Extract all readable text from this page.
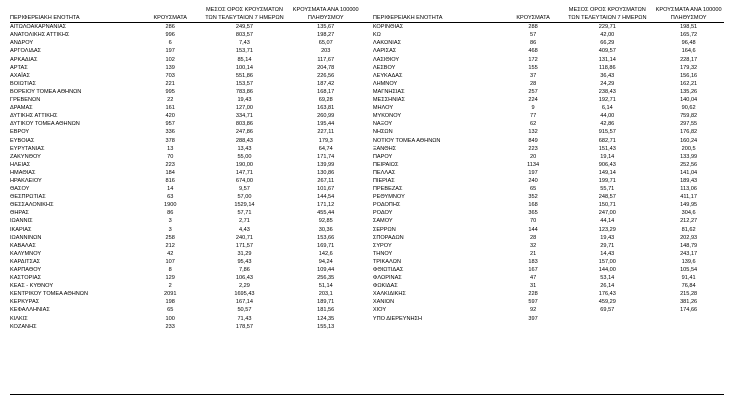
ΠΕΡΙΦΕΡΕΙΑΚΗ ΕΝΟΤΗΤΑ	ΚΡΟΥΣΜΑΤΑ	ΜΕΣΟΣ ΟΡΟΣ ΚΡΟΥΣΜΑΤΩΝ
ΤΩΝ ΤΕΛΕΥΤΑΙΩΝ 7 ΗΜΕΡΩΝ	ΚΡΟΥΣΜΑΤΑ ΑΝΑ 100000
ΠΛΗΘΥΣΜΟΥ		ΠΕΡΙΦΕΡΕΙΑΚΗ ΕΝΟΤΗΤΑ	ΚΡΟΥΣΜΑΤΑ	ΜΕΣΟΣ ΟΡΟΣ ΚΡΟΥΣΜΑΤΩΝ
ΤΩΝ ΤΕΛΕΥΤΑΙΩΝ 7 ΗΜΕΡΩΝ	ΚΡΟΥΣΜΑΤΑ ΑΝΑ 100000
ΠΛΗΘΥΣΜΟΥ

ΑΙΤΩΛΟΑΚΑΡΝΑΝΙΑΣ	286	249,57	135,67		ΚΟΡΙΝΘΙΑΣ	288	229,71	198,51
ΑΝΑΤΟΛΙΚΗΣ ΑΤΤΙΚΗΣ	996	803,57	198,27		ΚΩ	57	42,00	165,72
ΑΝΔΡΟΥ	6	7,43	65,07		ΛΑΚΩΝΙΑΣ	86	66,29	96,48
ΑΡΓΟΛΙΔΑΣ	197	153,71	203		ΛΑΡΙΣΑΣ	468	409,57	164,6
ΑΡΚΑΔΙΑΣ	102	85,14	117,67		ΛΑΣΙΘΙΟΥ	172	131,14	228,17
ΑΡΤΑΣ	139	100,14	204,78		ΛΕΣΒΟΥ	155	118,86	179,32
ΑΧΑΪΑΣ	703	551,86	226,56		ΛΕΥΚΑΔΑΣ	37	36,43	156,16
ΒΟΙΩΤΙΑΣ	221	153,57	187,42		ΛΗΜΝΟΥ	28	24,29	162,21
ΒΟΡΕΙΟΥ ΤΟΜΕΑ ΑΘΗΝΩΝ	995	783,86	168,17		ΜΑΓΝΗΣΙΑΣ	257	238,43	135,26
ΓΡΕΒΕΝΩΝ	22	19,43	69,28		ΜΕΣΣΗΝΙΑΣ	224	192,71	140,04
ΔΡΑΜΑΣ	161	127,00	163,81		ΜΗΛΟΥ	9	6,14	90,62
ΔΥΤΙΚΗΣ ΑΤΤΙΚΗΣ	420	334,71	260,99		ΜΥΚΟΝΟΥ	77	44,00	759,82
ΔΥΤΙΚΟΥ ΤΟΜΕΑ ΑΘΗΝΩΝ	957	803,86	195,44		ΝΑΞΟΥ	62	42,86	297,55
ΕΒΡΟΥ	336	247,86	227,11		ΝΗΣΩΝ	132	915,57	176,82
ΕΥΒΟΙΑΣ	378	288,43	179,3		ΝΟΤΙΟΥ ΤΟΜΕΑ ΑΘΗΝΩΝ	849	682,71	160,24
ΕΥΡΥΤΑΝΙΑΣ	13	13,43	64,74		ΞΑΝΘΗΣ	223	151,43	200,5
ΖΑΚΥΝΘΟΥ	70	55,00	171,74		ΠΑΡΟΥ	20	19,14	133,99
ΗΛΕΙΑΣ	223	190,00	139,99		ΠΕΙΡΑΙΩΣ	1134	906,43	252,56
ΗΜΑΘΙΑΣ	184	147,71	130,86		ΠΕΛΛΑΣ	197	149,14	141,04
ΗΡΑΚΛΕΙΟΥ	816	674,00	267,11		ΠΙΕΡΙΑΣ	240	199,71	189,43
ΘΑΣΟΥ	14	9,57	101,67		ΠΡΕΒΕΖΑΣ	65	55,71	113,06
ΘΕΣΠΡΩΤΙΑΣ	63	57,00	144,54		ΡΕΘΥΜΝΟΥ	352	248,57	411,17
ΘΕΣΣΑΛΟΝΙΚΗΣ	1900	1529,14	171,12		ΡΟΔΟΠΗΣ	168	150,71	149,95
ΘΗΡΑΣ	86	57,71	455,44		ΡΟΔΟΥ	365	247,00	304,6
ΙΩΑΝΝΙΣ	3	2,71	92,85		ΣΑΜΟΥ	70	44,14	212,27
ΙΚΑΡΙΑΣ	3	4,43	30,36		ΣΕΡΡΩΝ	144	123,29	81,62
ΙΩΑΝΝΙΝΩΝ	258	240,71	153,66		ΣΠΟΡΑΔΩΝ	28	19,43	202,93
ΚΑΒΑΛΑΣ	212	171,57	169,71		ΣΥΡΟΥ	32	29,71	148,79
ΚΑΛΥΜΝΟΥ	42	31,29	142,6		ΤΗΝΟΥ	21	14,43	243,17
ΚΑΡΔΙΤΣΑΣ	107	95,43	94,24		ΤΡΙΚΑΛΩΝ	183	157,00	139,6
ΚΑΡΠΑΘΟΥ	8	7,86	109,44		ΦΘΙΩΤΙΔΑΣ	167	144,00	105,54
ΚΑΣΤΟΡΙΑΣ	129	106,43	256,35		ΦΛΩΡΙΝΑΣ	47	53,14	91,41
ΚΕΑΣ - ΚΥΘΝΟΥ	2	2,29	51,14		ΦΩΚΙΔΑΣ	31	26,14	76,84
ΚΕΝΤΡΙΚΟΥ ΤΟΜΕΑ ΑΘΗΝΩΝ	2091	1695,43	203,1		ΧΑΛΚΙΔΙΚΗΣ	228	176,43	215,28
ΚΕΡΚΥΡΑΣ	198	167,14	189,71		ΧΑΝΙΩΝ	597	459,29	381,26
ΚΕΦΑΛΛΗΝΙΑΣ	65	50,57	181,56		ΧΙΟΥ	92	69,57	174,66
ΚΙΛΚΙΣ	100	71,43	124,35		ΥΠΟ ΔΙΕΡΕΥΝΗΣΗ	397		
ΚΟΖΑΝΗΣ	233	178,57	155,13					
